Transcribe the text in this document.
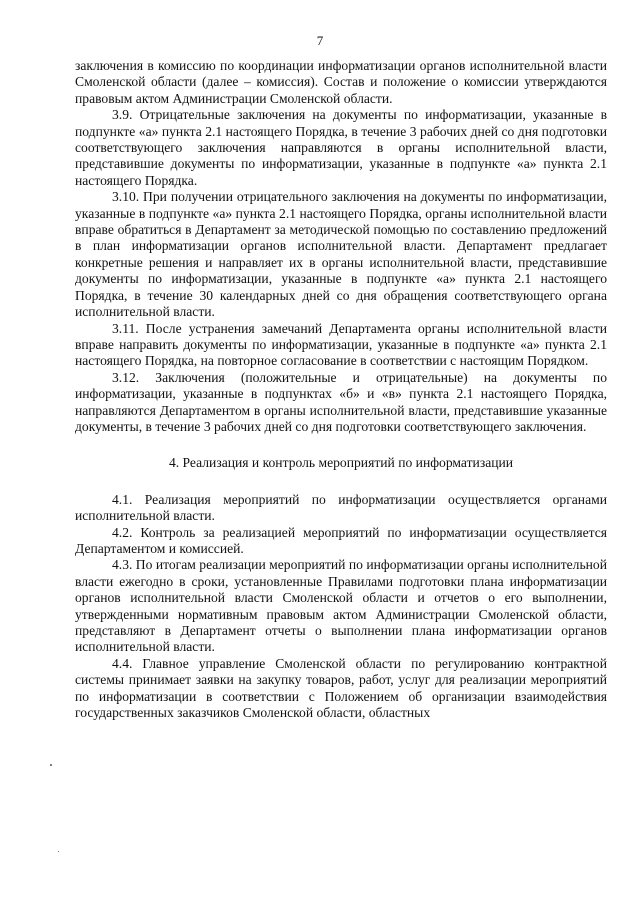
7

заключения в комиссию по координации информатизации органов исполнительной власти Смоленской области (далее – комиссия). Состав и положение о комиссии утверждаются правовым актом Администрации Смоленской области.

3.9. Отрицательные заключения на документы по информатизации, указанные в подпункте «а» пункта 2.1 настоящего Порядка, в течение 3 рабочих дней со дня подготовки соответствующего заключения направляются в органы исполнительной власти, представившие документы по информатизации, указанные в подпункте «а» пункта 2.1 настоящего Порядка.

3.10. При получении отрицательного заключения на документы по информатизации, указанные в подпункте «а» пункта 2.1 настоящего Порядка, органы исполнительной власти вправе обратиться в Департамент за методической помощью по составлению предложений в план информатизации органов исполнительной власти. Департамент предлагает конкретные решения и направляет их в органы исполнительной власти, представившие документы по информатизации, указанные в подпункте «а» пункта 2.1 настоящего Порядка, в течение 30 календарных дней со дня обращения соответствующего органа исполнительной власти.

3.11. После устранения замечаний Департамента органы исполнительной власти вправе направить документы по информатизации, указанные в подпункте «а» пункта 2.1 настоящего Порядка, на повторное согласование в соответствии с настоящим Порядком.

3.12. Заключения (положительные и отрицательные) на документы по информатизации, указанные в подпунктах «б» и «в» пункта 2.1 настоящего Порядка, направляются Департаментом в органы исполнительной власти, представившие указанные документы, в течение 3 рабочих дней со дня подготовки соответствующего заключения.

4. Реализация и контроль мероприятий по информатизации

4.1. Реализация мероприятий по информатизации осуществляется органами исполнительной власти.

4.2. Контроль за реализацией мероприятий по информатизации осуществляется Департаментом и комиссией.

4.3. По итогам реализации мероприятий по информатизации органы исполнительной власти ежегодно в сроки, установленные Правилами подготовки плана информатизации органов исполнительной власти Смоленской области и отчетов о его выполнении, утвержденными нормативным правовым актом Администрации Смоленской области, представляют в Департамент отчеты о выполнении плана информатизации органов исполнительной власти.

4.4. Главное управление Смоленской области по регулированию контрактной системы принимает заявки на закупку товаров, работ, услуг для реализации мероприятий по информатизации в соответствии с Положением об организации взаимодействия государственных заказчиков Смоленской области, областных
